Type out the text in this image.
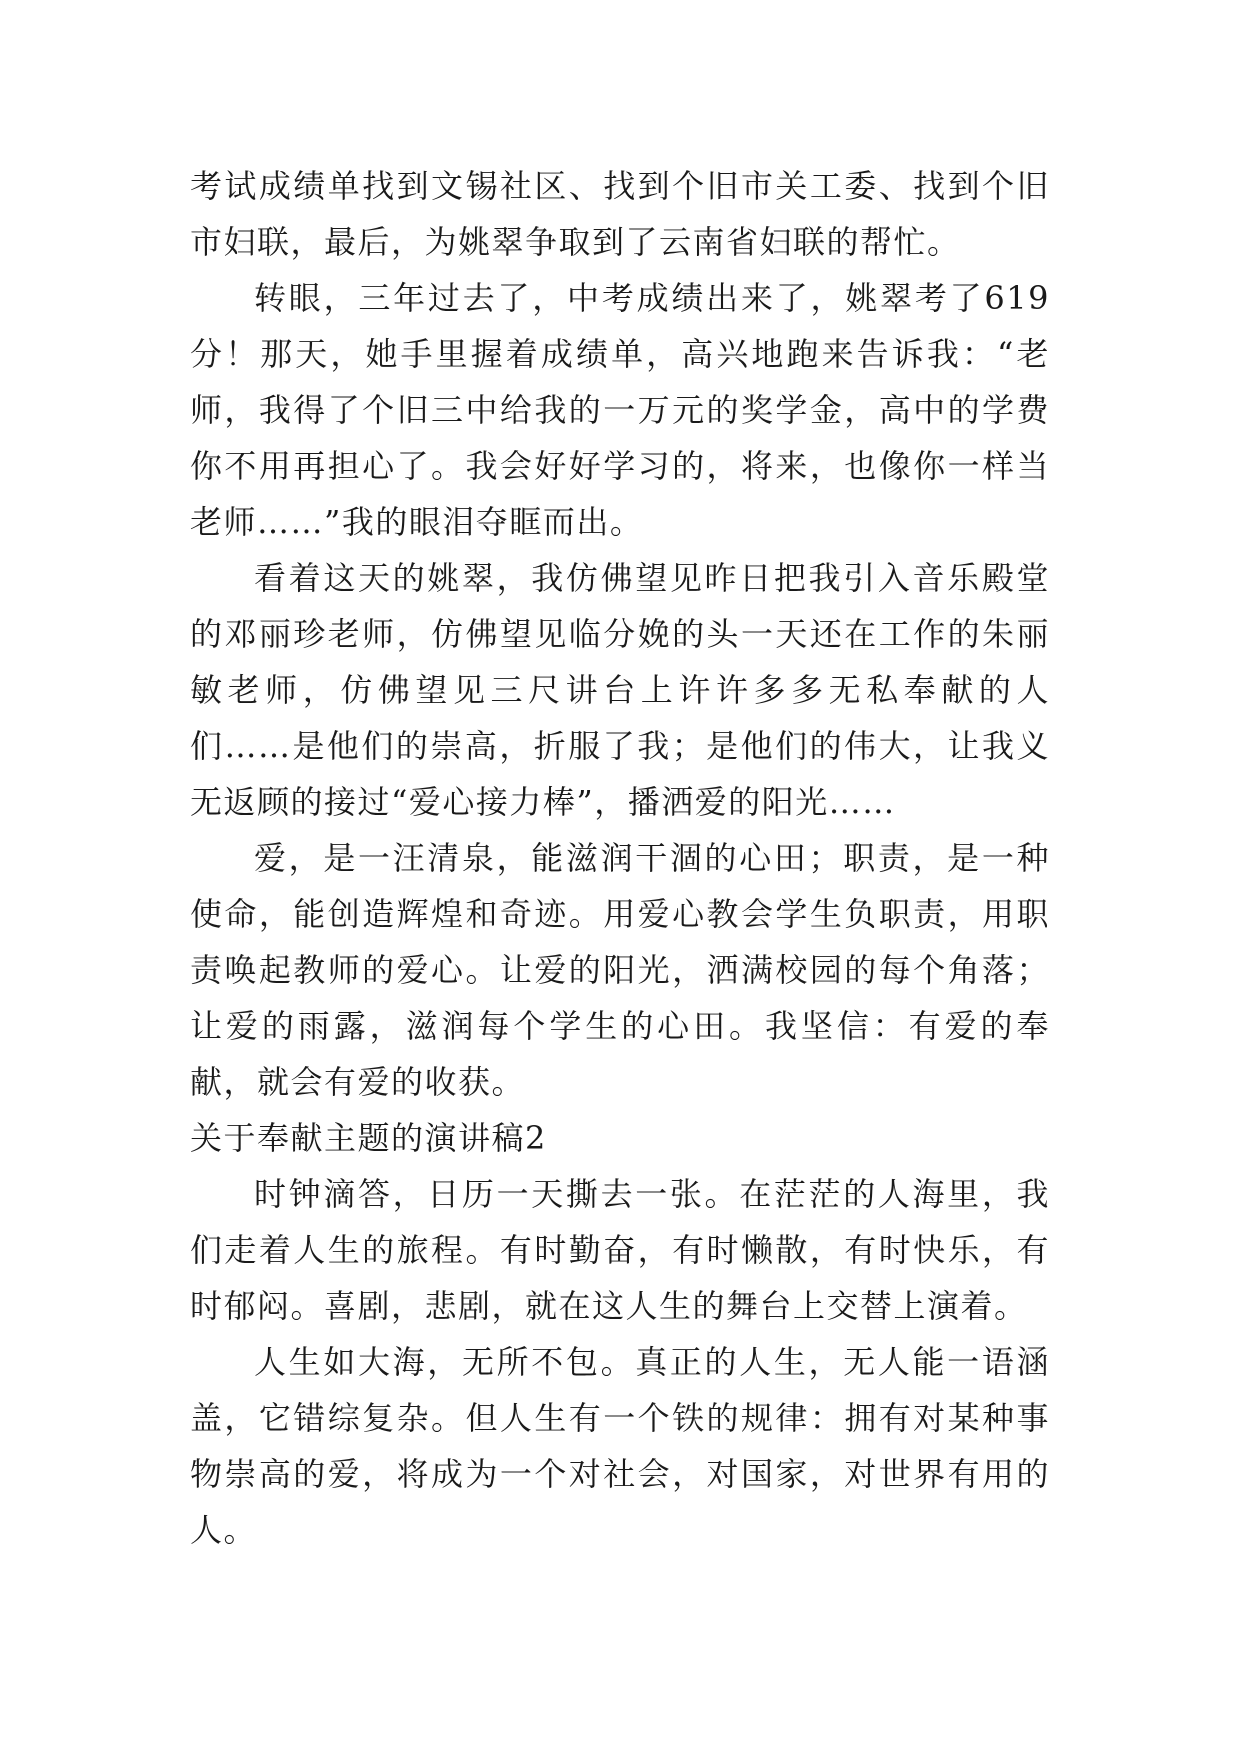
考试成绩单找到文锡社区、找到个旧市关工委、找到个旧市妇联，最后，为姚翠争取到了云南省妇联的帮忙。

转眼，三年过去了，中考成绩出来了，姚翠考了619分！那天，她手里握着成绩单，高兴地跑来告诉我：“老师，我得了个旧三中给我的一万元的奖学金，高中的学费你不用再担心了。我会好好学习的，将来，也像你一样当老师……”我的眼泪夺眶而出。

看着这天的姚翠，我仿佛望见昨日把我引入音乐殿堂的邓丽珍老师，仿佛望见临分娩的头一天还在工作的朱丽敏老师，仿佛望见三尺讲台上许许多多无私奉献的人们……是他们的崇高，折服了我；是他们的伟大，让我义无返顾的接过“爱心接力棒”，播洒爱的阳光……

爱，是一汪清泉，能滋润干涸的心田；职责，是一种使命，能创造辉煌和奇迹。用爱心教会学生负职责，用职责唤起教师的爱心。让爱的阳光，洒满校园的每个角落；让爱的雨露，滋润每个学生的心田。我坚信：有爱的奉献，就会有爱的收获。

关于奉献主题的演讲稿2

时钟滴答，日历一天撕去一张。在茫茫的人海里，我们走着人生的旅程。有时勤奋，有时懒散，有时快乐，有时郁闷。喜剧，悲剧，就在这人生的舞台上交替上演着。

人生如大海，无所不包。真正的人生，无人能一语涵盖，它错综复杂。但人生有一个铁的规律：拥有对某种事物崇高的爱，将成为一个对社会，对国家，对世界有用的人。
